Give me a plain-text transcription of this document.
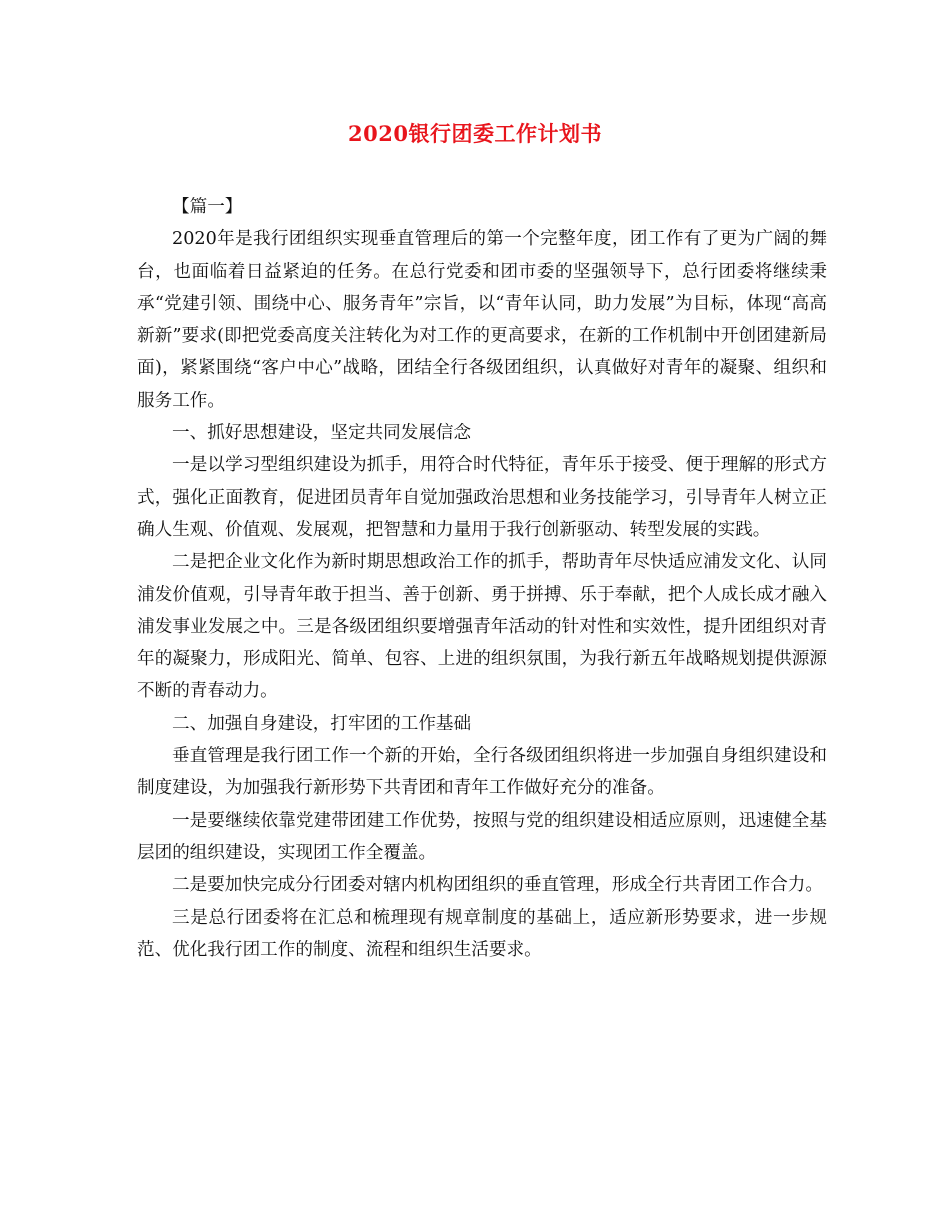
2020银行团委工作计划书

【篇一】

2020年是我行团组织实现垂直管理后的第一个完整年度，团工作有了更为广阔的舞台，也面临着日益紧迫的任务。在总行党委和团市委的坚强领导下，总行团委将继续秉承“党建引领、围绕中心、服务青年”宗旨，以“青年认同，助力发展”为目标，体现“高高新新”要求(即把党委高度关注转化为对工作的更高要求，在新的工作机制中开创团建新局面)，紧紧围绕“客户中心”战略，团结全行各级团组织，认真做好对青年的凝聚、组织和服务工作。

一、抓好思想建设，坚定共同发展信念

一是以学习型组织建设为抓手，用符合时代特征，青年乐于接受、便于理解的形式方式，强化正面教育，促进团员青年自觉加强政治思想和业务技能学习，引导青年人树立正确人生观、价值观、发展观，把智慧和力量用于我行创新驱动、转型发展的实践。

二是把企业文化作为新时期思想政治工作的抓手，帮助青年尽快适应浦发文化、认同浦发价值观，引导青年敢于担当、善于创新、勇于拼搏、乐于奉献，把个人成长成才融入浦发事业发展之中。三是各级团组织要增强青年活动的针对性和实效性，提升团组织对青年的凝聚力，形成阳光、简单、包容、上进的组织氛围，为我行新五年战略规划提供源源不断的青春动力。

二、加强自身建设，打牢团的工作基础

垂直管理是我行团工作一个新的开始，全行各级团组织将进一步加强自身组织建设和制度建设，为加强我行新形势下共青团和青年工作做好充分的准备。

一是要继续依靠党建带团建工作优势，按照与党的组织建设相适应原则，迅速健全基层团的组织建设，实现团工作全覆盖。

二是要加快完成分行团委对辖内机构团组织的垂直管理，形成全行共青团工作合力。

三是总行团委将在汇总和梳理现有规章制度的基础上，适应新形势要求，进一步规范、优化我行团工作的制度、流程和组织生活要求。
